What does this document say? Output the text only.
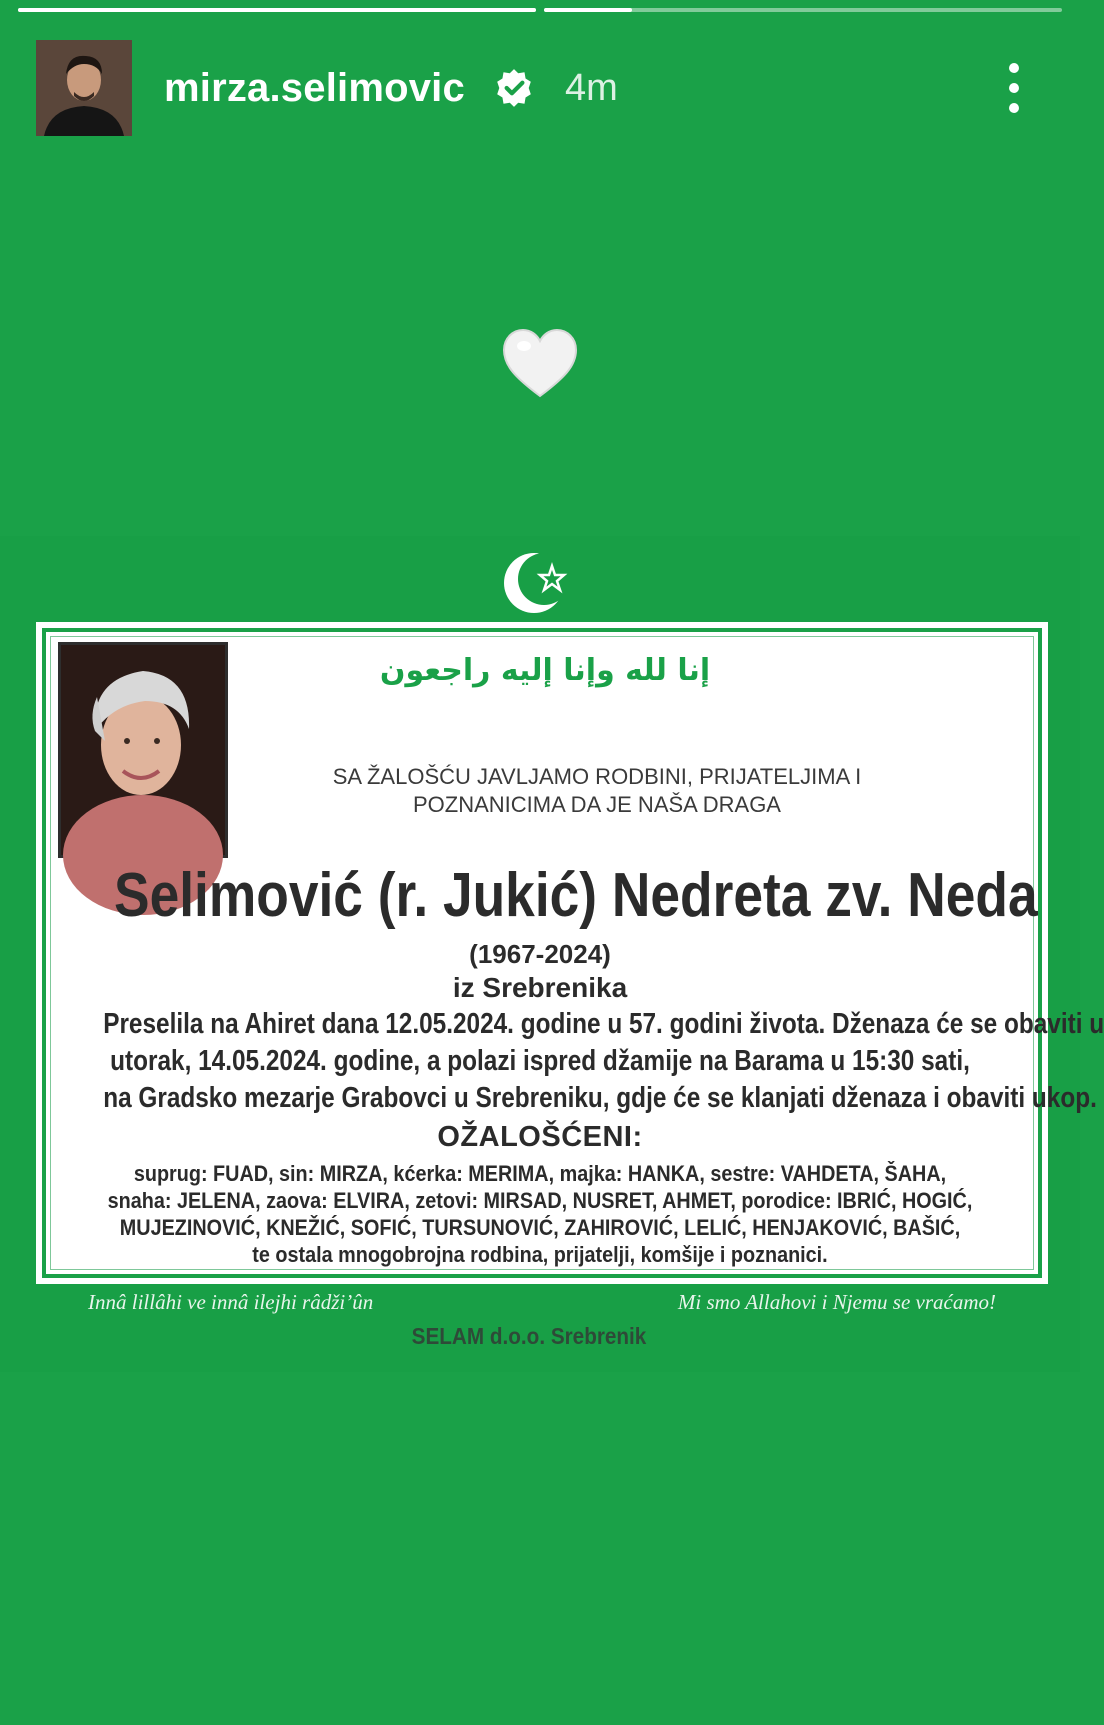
mirza.selimovic	4m
إنا لله وإنا إليه راجعون
SA ŽALOŠĆU JAVLJAMO RODBINI, PRIJATELJIMA I
POZNANICIMA DA JE NAŠA DRAGA
Selimović (r. Jukić) Nedreta zv. Neda
(1967-2024)
iz Srebrenika
Preselila na Ahiret dana 12.05.2024. godine u 57. godini života. Dženaza će se obaviti u
utorak, 14.05.2024. godine, a polazi ispred džamije na Barama u 15:30 sati,
na Gradsko mezarje Grabovci u Srebreniku, gdje će se klanjati dženaza i obaviti ukop.
OŽALOŠĆENI:
suprug: FUAD, sin: MIRZA, kćerka: MERIMA, majka: HANKA, sestre: VAHDETA, ŠAHA,
snaha: JELENA, zaova: ELVIRA, zetovi: MIRSAD, NUSRET, AHMET, porodice: IBRIĆ, HOGIĆ,
MUJEZINOVIĆ, KNEŽIĆ, SOFIĆ, TURSUNOVIĆ, ZAHIROVIĆ, LELIĆ, HENJAKOVIĆ, BAŠIĆ,
te ostala mnogobrojna rodbina, prijatelji, komšije i poznanici.
Innâ lillâhi ve innâ ilejhi râdži’ûn	Mi smo Allahovi i Njemu se vraćamo!
SELAM d.o.o. Srebrenik
